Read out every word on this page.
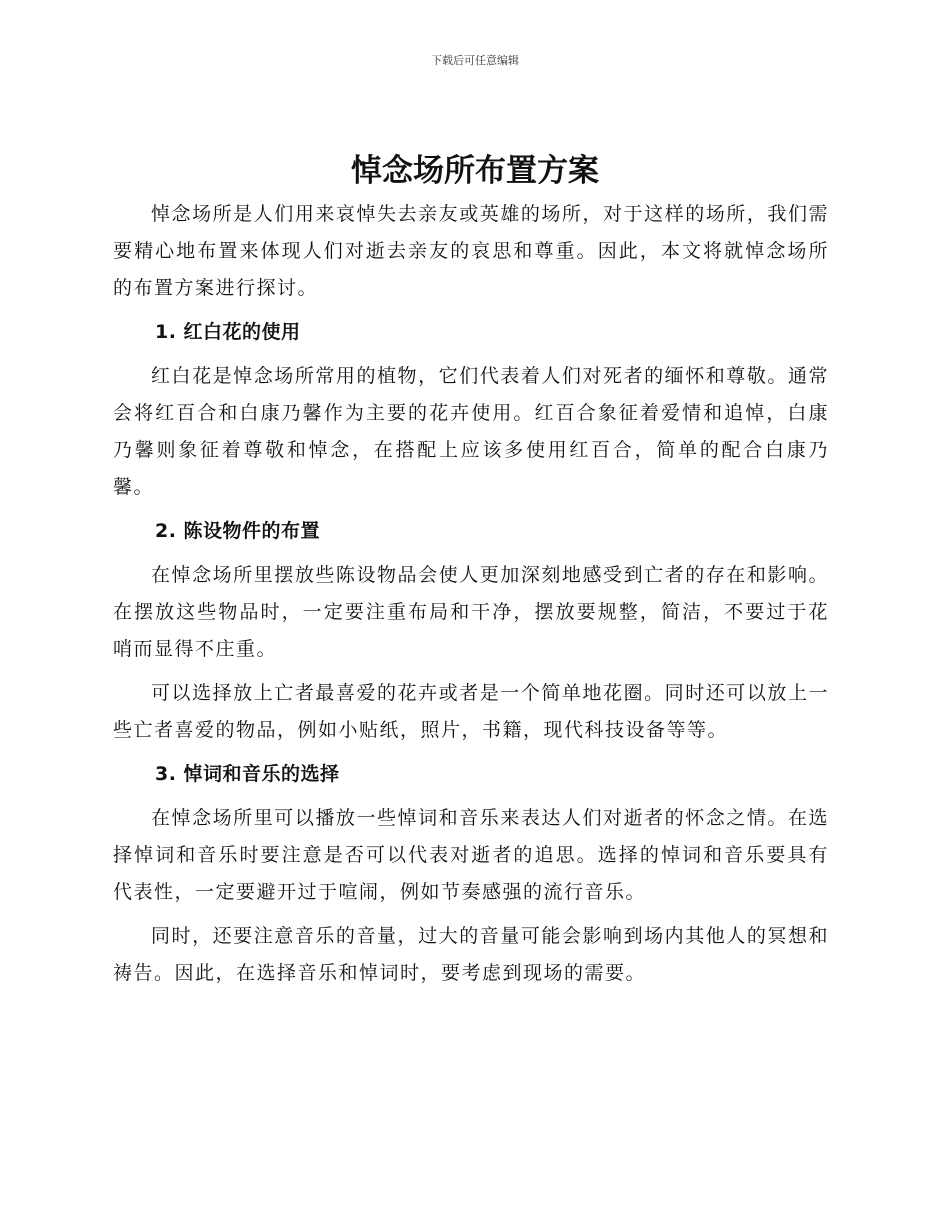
下载后可任意编辑
悼念场所布置方案

悼念场所是人们用来哀悼失去亲友或英雄的场所，对于这样的场所，我们需要精心地布置来体现人们对逝去亲友的哀思和尊重。因此，本文将就悼念场所的布置方案进行探讨。

1. 红白花的使用

红白花是悼念场所常用的植物，它们代表着人们对死者的缅怀和尊敬。通常会将红百合和白康乃馨作为主要的花卉使用。红百合象征着爱情和追悼，白康乃馨则象征着尊敬和悼念，在搭配上应该多使用红百合，简单的配合白康乃馨。

2. 陈设物件的布置

在悼念场所里摆放些陈设物品会使人更加深刻地感受到亡者的存在和影响。在摆放这些物品时，一定要注重布局和干净，摆放要规整，简洁，不要过于花哨而显得不庄重。

可以选择放上亡者最喜爱的花卉或者是一个简单地花圈。同时还可以放上一些亡者喜爱的物品，例如小贴纸，照片，书籍，现代科技设备等等。

3. 悼词和音乐的选择

在悼念场所里可以播放一些悼词和音乐来表达人们对逝者的怀念之情。在选择悼词和音乐时要注意是否可以代表对逝者的追思。选择的悼词和音乐要具有代表性，一定要避开过于喧闹，例如节奏感强的流行音乐。

同时，还要注意音乐的音量，过大的音量可能会影响到场内其他人的冥想和祷告。因此，在选择音乐和悼词时，要考虑到现场的需要。
